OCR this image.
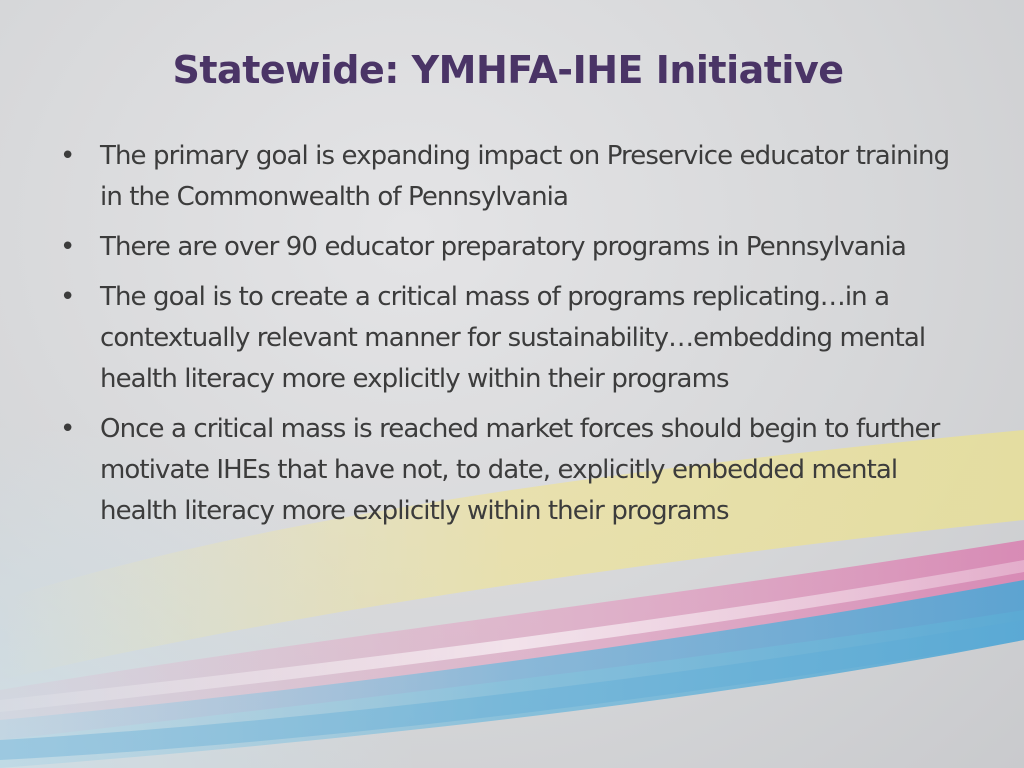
Statewide: YMHFA-IHE Initiative
• The primary goal is expanding impact on Preservice educator training in the Commonwealth of Pennsylvania
• There are over 90 educator preparatory programs in Pennsylvania
• The goal is to create a critical mass of programs replicating…in a contextually relevant manner for sustainability…embedding mental health literacy more explicitly within their programs
• Once a critical mass is reached market forces should begin to further motivate IHEs that have not, to date, explicitly embedded mental health literacy more explicitly within their programs
